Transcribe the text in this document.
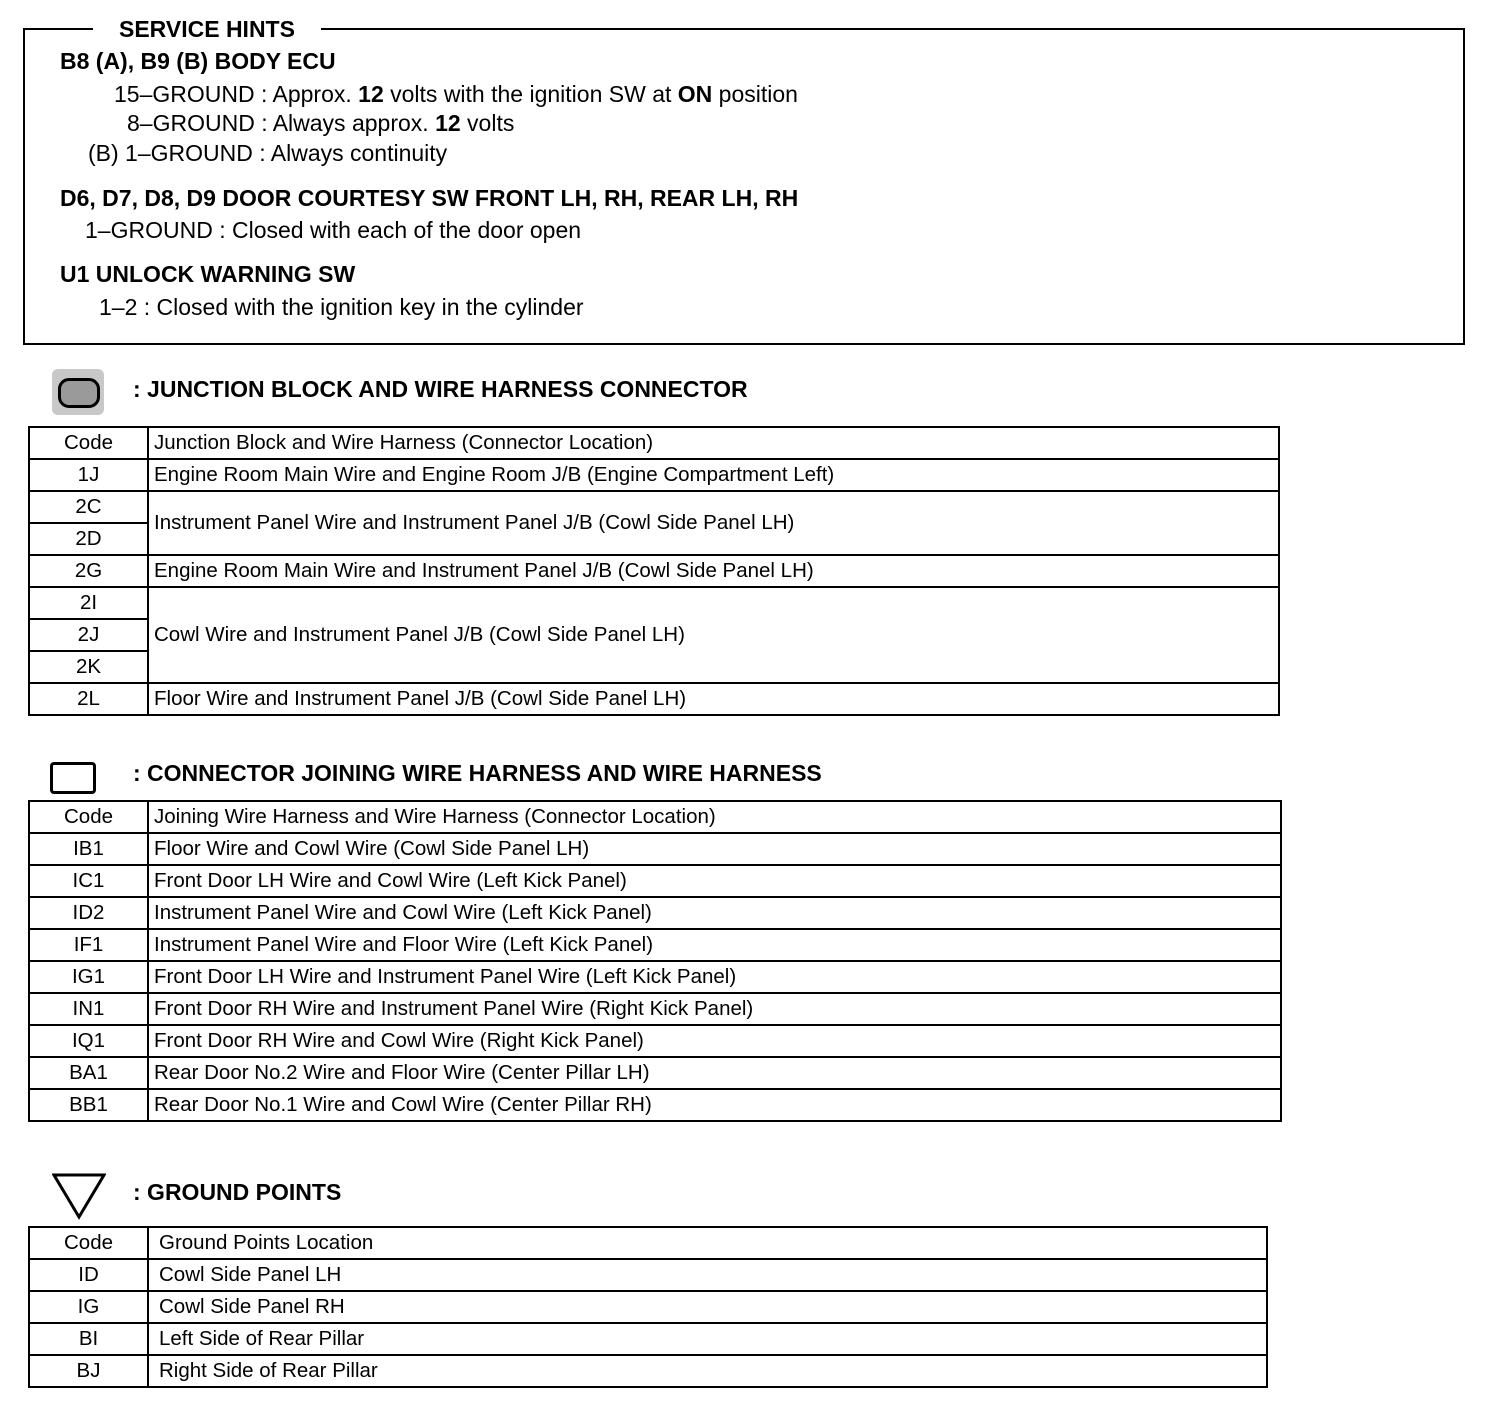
SERVICE HINTS
B8 (A), B9 (B) BODY ECU
15–GROUND : Approx. 12 volts with the ignition SW at ON position
8–GROUND : Always approx. 12 volts
(B) 1–GROUND : Always continuity
D6, D7, D8, D9 DOOR COURTESY SW FRONT LH, RH, REAR LH, RH
1–GROUND : Closed with each of the door open
U1 UNLOCK WARNING SW
1–2 : Closed with the ignition key in the cylinder
: JUNCTION BLOCK AND WIRE HARNESS CONNECTOR
Code	Junction Block and Wire Harness (Connector Location)
1J	Engine Room Main Wire and Engine Room J/B (Engine Compartment Left)
2C	Instrument Panel Wire and Instrument Panel J/B (Cowl Side Panel LH)
2D	
2G	Engine Room Main Wire and Instrument Panel J/B (Cowl Side Panel LH)
2I	Cowl Wire and Instrument Panel J/B (Cowl Side Panel LH)
2J	
2K	
2L	Floor Wire and Instrument Panel J/B (Cowl Side Panel LH)
: CONNECTOR JOINING WIRE HARNESS AND WIRE HARNESS
Code	Joining Wire Harness and Wire Harness (Connector Location)
IB1	Floor Wire and Cowl Wire (Cowl Side Panel LH)
IC1	Front Door LH Wire and Cowl Wire (Left Kick Panel)
ID2	Instrument Panel Wire and Cowl Wire (Left Kick Panel)
IF1	Instrument Panel Wire and Floor Wire (Left Kick Panel)
IG1	Front Door LH Wire and Instrument Panel Wire (Left Kick Panel)
IN1	Front Door RH Wire and Instrument Panel Wire (Right Kick Panel)
IQ1	Front Door RH Wire and Cowl Wire (Right Kick Panel)
BA1	Rear Door No.2 Wire and Floor Wire (Center Pillar LH)
BB1	Rear Door No.1 Wire and Cowl Wire (Center Pillar RH)
: GROUND POINTS
Code	Ground Points Location
ID	Cowl Side Panel LH
IG	Cowl Side Panel RH
BI	Left Side of Rear Pillar
BJ	Right Side of Rear Pillar
